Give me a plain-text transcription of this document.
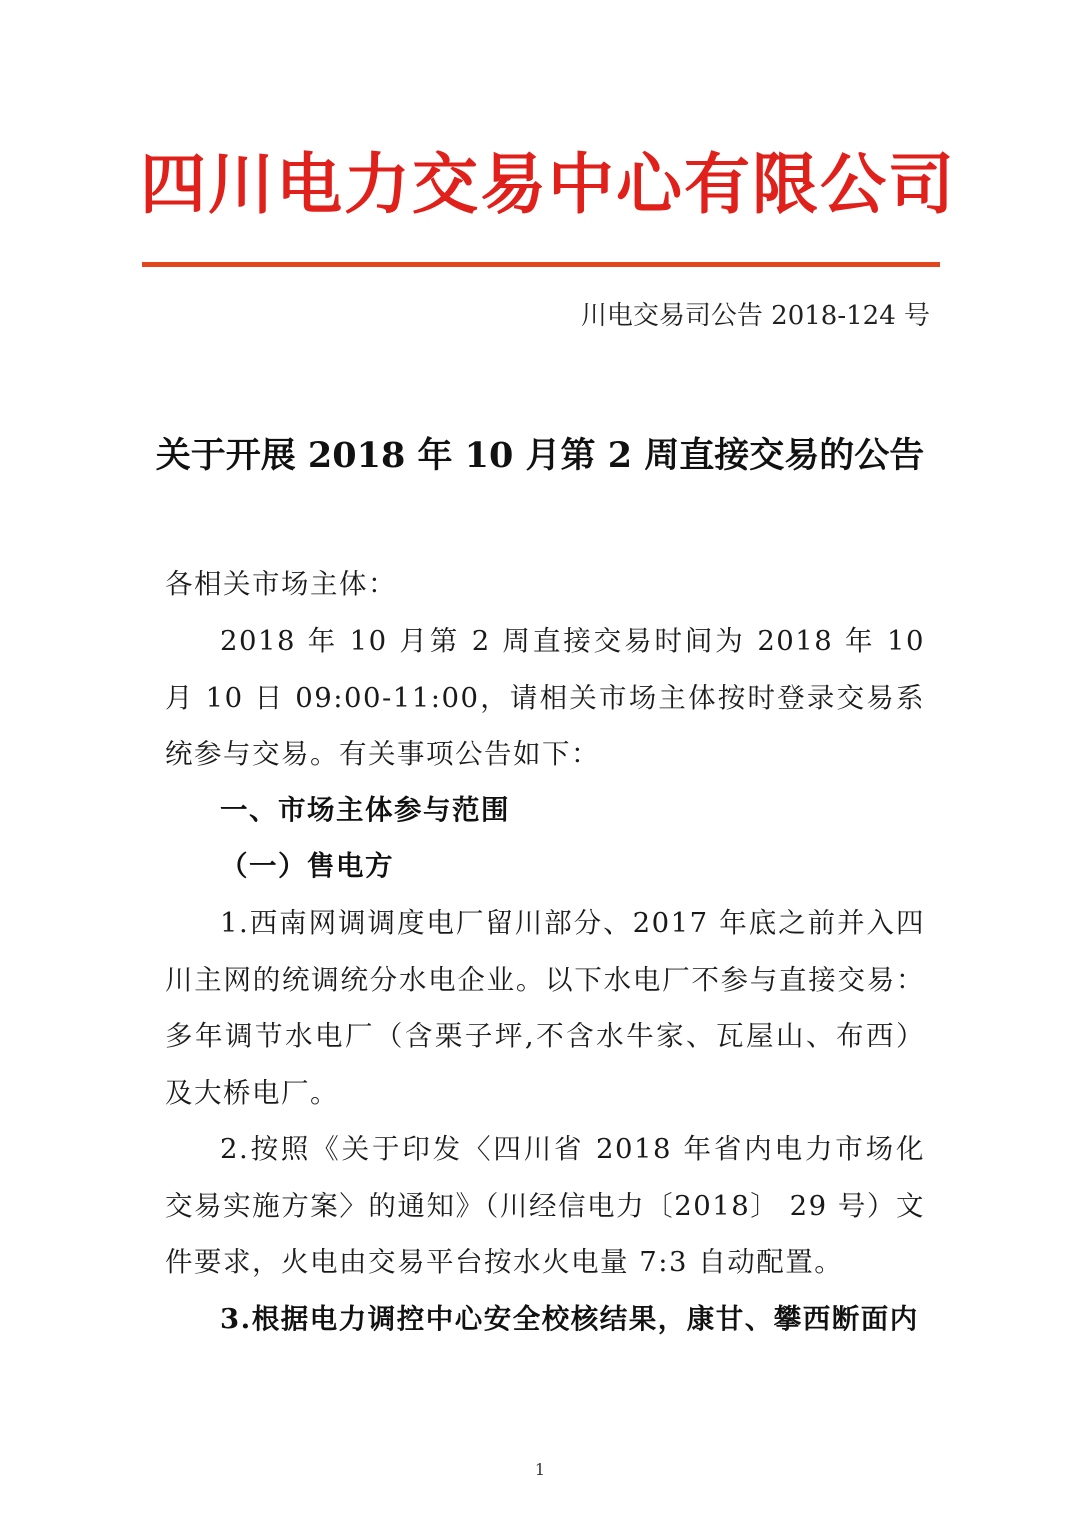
四川电力交易中心有限公司
川电交易司公告 2018-124 号
关于开展 2018 年 10 月第 2 周直接交易的公告
各相关市场主体：

2018 年 10 月第 2 周直接交易时间为 2018 年 10 月 10 日 09:00-11:00，请相关市场主体按时登录交易系统参与交易。有关事项公告如下：

一、市场主体参与范围
（一）售电方

1.西南网调调度电厂留川部分、2017 年底之前并入四川主网的统调统分水电企业。以下水电厂不参与直接交易：多年调节水电厂（含栗子坪,不含水牛家、瓦屋山、布西）及大桥电厂。

2.按照《关于印发〈四川省 2018 年省内电力市场化交易实施方案〉的通知》（川经信电力〔2018〕 29 号）文件要求，火电由交易平台按水火电量 7:3 自动配置。

3.根据电力调控中心安全校核结果，康甘、攀西断面内

1
